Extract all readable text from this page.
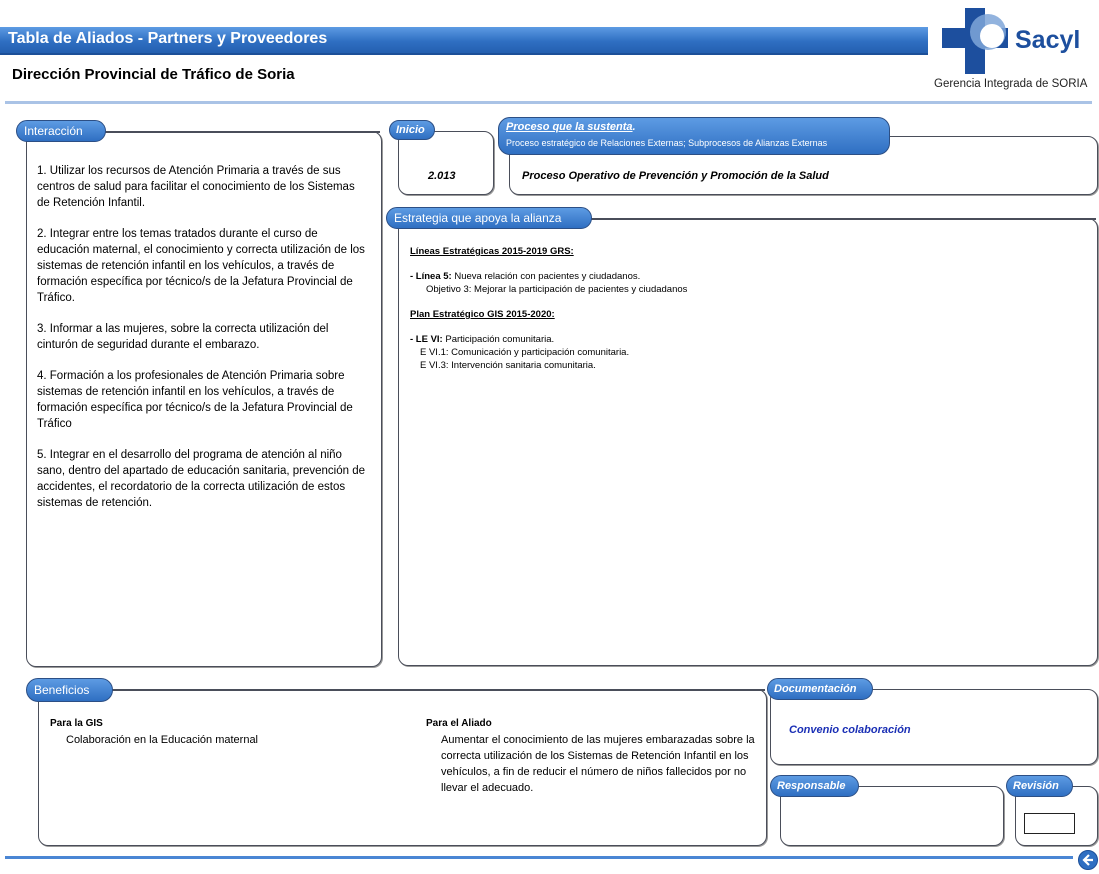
Tabla de Aliados - Partners y Proveedores
Dirección Provincial de Tráfico de Soria
Sacyl
Gerencia Integrada de SORIA
Interacción

1. Utilizar los recursos de Atención Primaria a través de sus centros de salud para facilitar el conocimiento de los Sistemas de Retención Infantil.

2. Integrar entre los temas tratados durante el curso de educación maternal, el conocimiento y correcta utilización de los sistemas de retención infantil en los vehículos, a través de formación específica por técnico/s de la Jefatura Provincial de Tráfico.

3. Informar a las mujeres, sobre la correcta utilización del cinturón de seguridad durante el embarazo.

4. Formación a los profesionales de Atención Primaria sobre sistemas de retención infantil en los vehículos, a través de formación específica por técnico/s de la Jefatura Provincial de Tráfico

5. Integrar en el desarrollo del programa de atención al niño sano, dentro del apartado de educación sanitaria, prevención de accidentes, el recordatorio de la correcta utilización de estos sistemas de retención.

Inicio
2.013
Proceso que la sustenta.
Proceso estratégico de Relaciones Externas; Subprocesos de Alianzas Externas
Proceso Operativo de Prevención y Promoción de la Salud
Estrategia que apoya la alianza
Líneas Estratégicas 2015-2019 GRS:
- Línea 5: Nueva relación con pacientes y ciudadanos.
Objetivo 3: Mejorar la participación de pacientes y ciudadanos
Plan Estratégico GIS 2015-2020:
- LE VI: Participación comunitaria.
E VI.1: Comunicación y participación comunitaria.
E VI.3: Intervención sanitaria comunitaria.
Beneficios
Para la GIS
Colaboración en la Educación maternal
Para el Aliado
Aumentar el conocimiento de las mujeres embarazadas sobre la correcta utilización de los Sistemas de Retención Infantil en los vehículos, a fin de reducir el número de niños fallecidos por no llevar el adecuado.
Documentación
Convenio colaboración
Responsable	Revisión
